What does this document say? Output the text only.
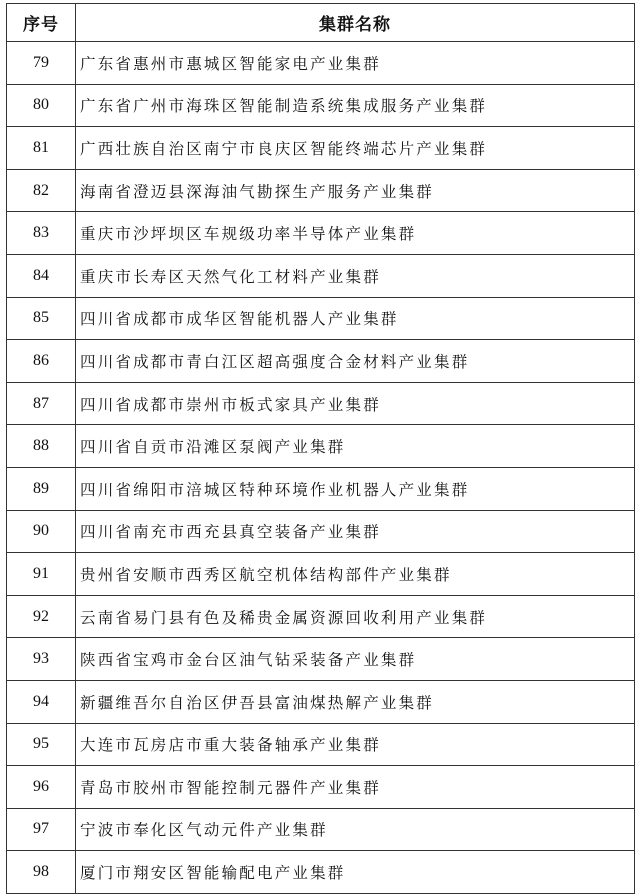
序号	集群名称
79	广东省惠州市惠城区智能家电产业集群
80	广东省广州市海珠区智能制造系统集成服务产业集群
81	广西壮族自治区南宁市良庆区智能终端芯片产业集群
82	海南省澄迈县深海油气勘探生产服务产业集群
83	重庆市沙坪坝区车规级功率半导体产业集群
84	重庆市长寿区天然气化工材料产业集群
85	四川省成都市成华区智能机器人产业集群
86	四川省成都市青白江区超高强度合金材料产业集群
87	四川省成都市崇州市板式家具产业集群
88	四川省自贡市沿滩区泵阀产业集群
89	四川省绵阳市涪城区特种环境作业机器人产业集群
90	四川省南充市西充县真空装备产业集群
91	贵州省安顺市西秀区航空机体结构部件产业集群
92	云南省易门县有色及稀贵金属资源回收利用产业集群
93	陕西省宝鸡市金台区油气钻采装备产业集群
94	新疆维吾尔自治区伊吾县富油煤热解产业集群
95	大连市瓦房店市重大装备轴承产业集群
96	青岛市胶州市智能控制元器件产业集群
97	宁波市奉化区气动元件产业集群
98	厦门市翔安区智能输配电产业集群
